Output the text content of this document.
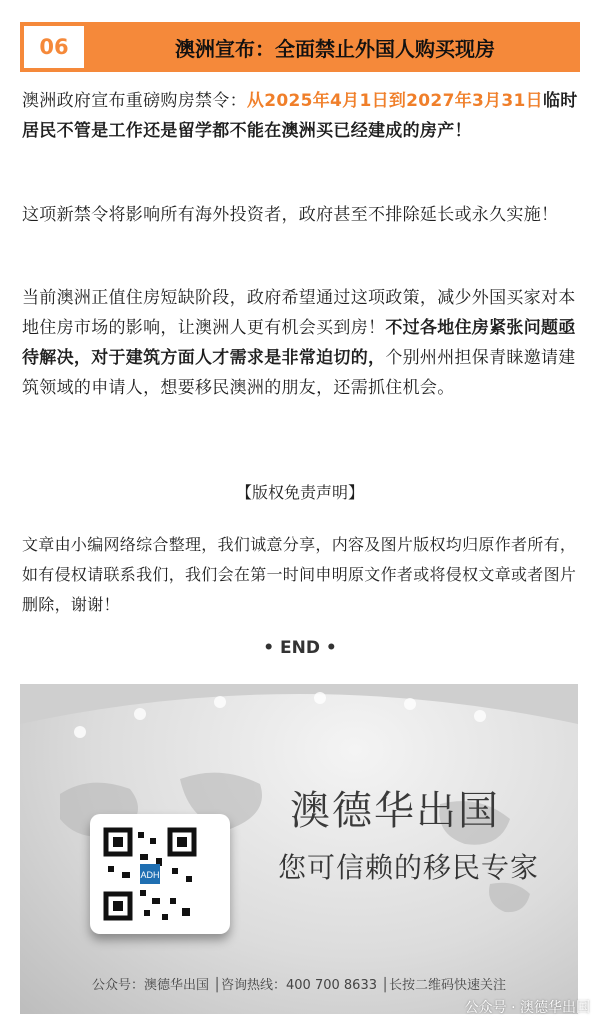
06	澳洲宣布：全面禁止外国人购买现房

澳洲政府宣布重磅购房禁令：从2025年4月1日到2027年3月31日临时居民不管是工作还是留学都不能在澳洲买已经建成的房产！

这项新禁令将影响所有海外投资者，政府甚至不排除延长或永久实施！

当前澳洲正值住房短缺阶段，政府希望通过这项政策，减少外国买家对本地住房市场的影响，让澳洲人更有机会买到房！不过各地住房紧张问题亟待解决，对于建筑方面人才需求是非常迫切的，个别州州担保青睐邀请建筑领域的申请人，想要移民澳洲的朋友，还需抓住机会。

【版权免责声明】

文章由小编网络综合整理，我们诚意分享，内容及图片版权均归原作者所有，如有侵权请联系我们，我们会在第一时间申明原文作者或将侵权文章或者图片删除，谢谢！

• END •
ADH
澳德华出国
您可信赖的移民专家
公众号：澳德华出国 │咨询热线：400 700 8633 │长按二维码快速关注
公众号 · 澳德华出国
